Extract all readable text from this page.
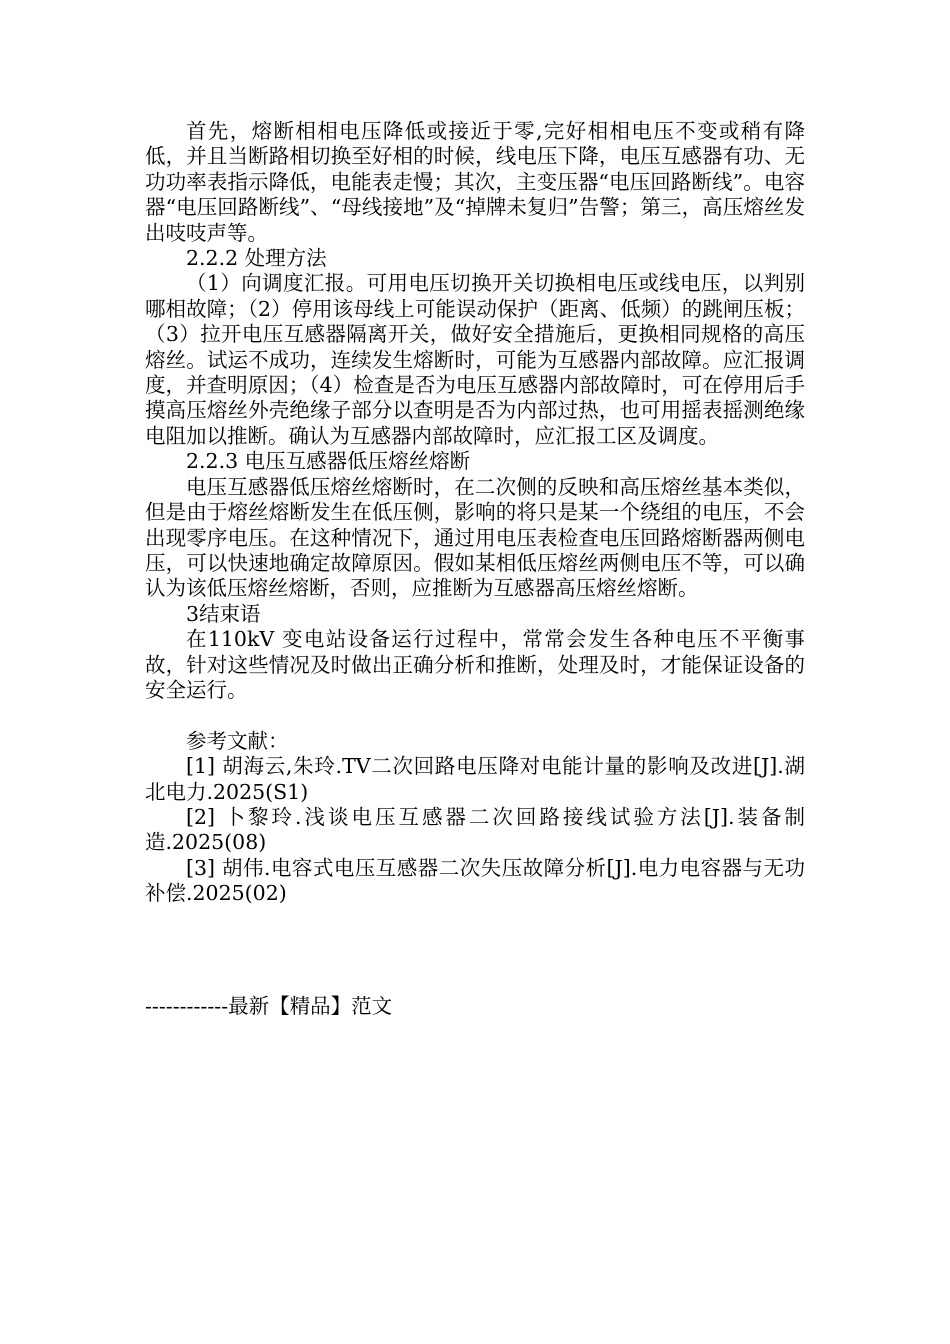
首先，熔断相相电压降低或接近于零,完好相相电压不变或稍有降低，并且当断路相切换至好相的时候，线电压下降，电压互感器有功、无功功率表指示降低，电能表走慢；其次，主变压器“电压回路断线”。电容器“电压回路断线”、“母线接地”及“掉牌未复归”告警；第三，高压熔丝发出吱吱声等。

2.2.2 处理方法

（1）向调度汇报。可用电压切换开关切换相电压或线电压，以判别哪相故障；（2）停用该母线上可能误动保护（距离、低频）的跳闸压板；（3）拉开电压互感器隔离开关，做好安全措施后，更换相同规格的高压熔丝。试运不成功，连续发生熔断时，可能为互感器内部故障。应汇报调度，并查明原因；（4）检查是否为电压互感器内部故障时，可在停用后手摸高压熔丝外壳绝缘子部分以查明是否为内部过热，也可用摇表摇测绝缘电阻加以推断。确认为互感器内部故障时，应汇报工区及调度。

2.2.3 电压互感器低压熔丝熔断

电压互感器低压熔丝熔断时，在二次侧的反映和高压熔丝基本类似，但是由于熔丝熔断发生在低压侧，影响的将只是某一个绕组的电压，不会出现零序电压。在这种情况下，通过用电压表检查电压回路熔断器两侧电压，可以快速地确定故障原因。假如某相低压熔丝两侧电压不等，可以确认为该低压熔丝熔断，否则，应推断为互感器高压熔丝熔断。

3结束语

在110kV 变电站设备运行过程中，常常会发生各种电压不平衡事故，针对这些情况及时做出正确分析和推断，处理及时，才能保证设备的安全运行。

参考文献：

[1] 胡海云,朱玲.TV二次回路电压降对电能计量的影响及改进[J].湖北电力.2025(S1)

[2] 卜黎玲.浅谈电压互感器二次回路接线试验方法[J].装备制造.2025(08)

[3] 胡伟.电容式电压互感器二次失压故障分析[J].电力电容器与无功补偿.2025(02)

------------最新【精品】范文
